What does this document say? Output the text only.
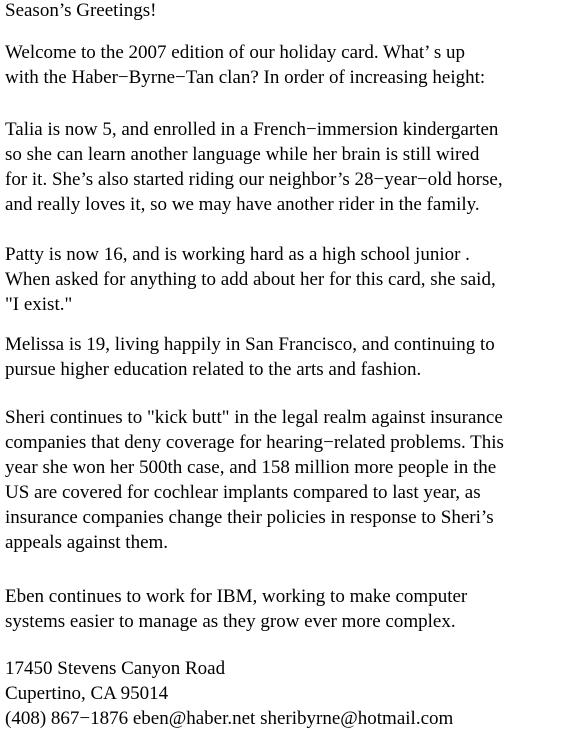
Season’s Greetings!
Welcome to the 2007 edition of our holiday card. What’ s up
with the Haber−Byrne−Tan clan? In order of increasing height:
Talia is now 5, and enrolled in a French−immersion kindergarten
so she can learn another language while her brain is still wired
for it. She’s also started riding our neighbor’s 28−year−old horse,
and really loves it, so we may have another rider in the family.
Patty is now 16, and is working hard as a high school junior .
When asked for anything to add about her for this card, she said,
"I exist."
Melissa is 19, living happily in San Francisco, and continuing to
pursue higher education related to the arts and fashion.
Sheri continues to "kick butt" in the legal realm against insurance
companies that deny coverage for hearing−related problems. This
year she won her 500th case, and 158 million more people in the
US are covered for cochlear implants compared to last year, as
insurance companies change their policies in response to Sheri’s
appeals against them.
Eben continues to work for IBM, working to make computer
systems easier to manage as they grow ever more complex.
17450 Stevens Canyon Road
Cupertino, CA 95014
(408) 867−1876 eben@haber.net sheribyrne@hotmail.com
